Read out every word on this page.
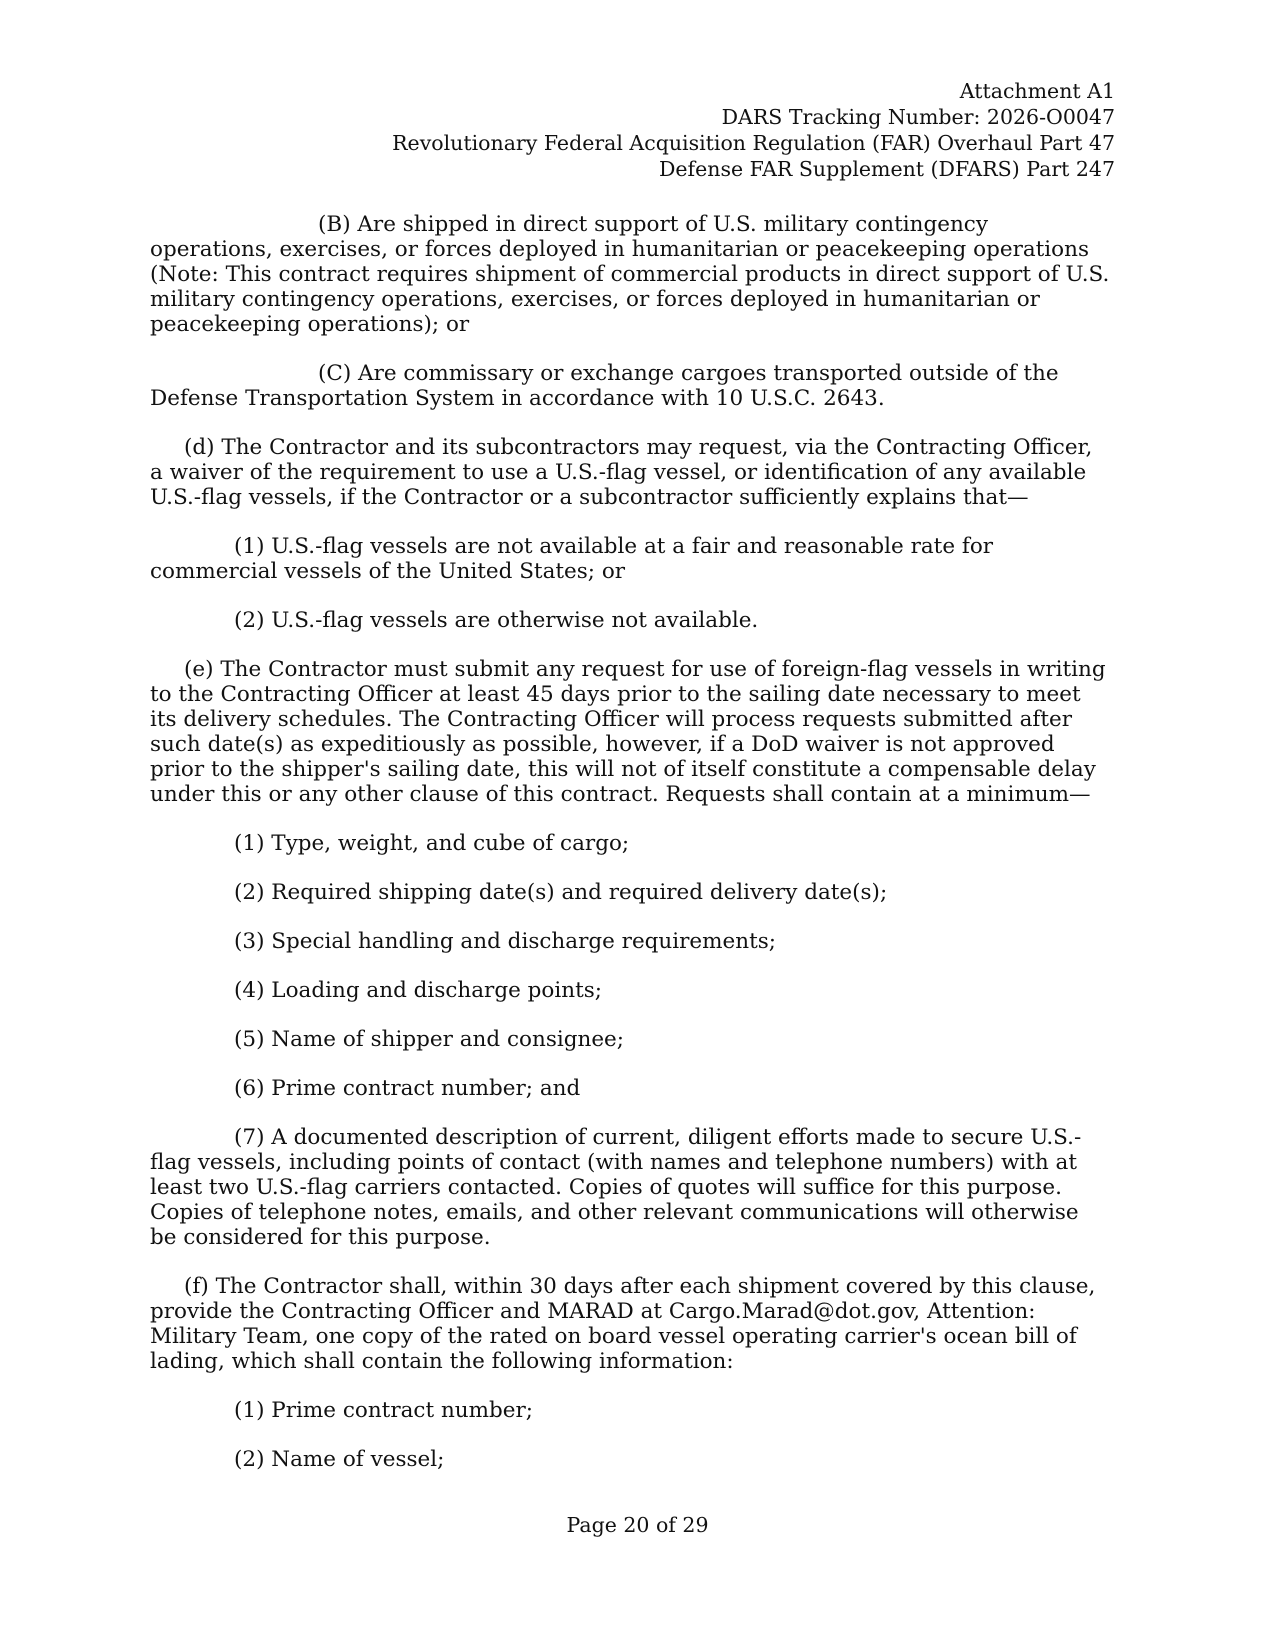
Attachment A1
DARS Tracking Number: 2026-O0047
Revolutionary Federal Acquisition Regulation (FAR) Overhaul Part 47
Defense FAR Supplement (DFARS) Part 247

(B) Are shipped in direct support of U.S. military contingency operations, exercises, or forces deployed in humanitarian or peacekeeping operations (Note: This contract requires shipment of commercial products in direct support of U.S. military contingency operations, exercises, or forces deployed in humanitarian or peacekeeping operations); or

(C) Are commissary or exchange cargoes transported outside of the Defense Transportation System in accordance with 10 U.S.C. 2643.

(d) The Contractor and its subcontractors may request, via the Contracting Officer, a waiver of the requirement to use a U.S.-flag vessel, or identification of any available U.S.-flag vessels, if the Contractor or a subcontractor sufficiently explains that—

(1) U.S.-flag vessels are not available at a fair and reasonable rate for commercial vessels of the United States; or

(2) U.S.-flag vessels are otherwise not available.

(e) The Contractor must submit any request for use of foreign-flag vessels in writing to the Contracting Officer at least 45 days prior to the sailing date necessary to meet its delivery schedules. The Contracting Officer will process requests submitted after such date(s) as expeditiously as possible, however, if a DoD waiver is not approved prior to the shipper's sailing date, this will not of itself constitute a compensable delay under this or any other clause of this contract. Requests shall contain at a minimum—

(1) Type, weight, and cube of cargo;

(2) Required shipping date(s) and required delivery date(s);

(3) Special handling and discharge requirements;

(4) Loading and discharge points;

(5) Name of shipper and consignee;

(6) Prime contract number; and

(7) A documented description of current, diligent efforts made to secure U.S.-flag vessels, including points of contact (with names and telephone numbers) with at least two U.S.-flag carriers contacted. Copies of quotes will suffice for this purpose. Copies of telephone notes, emails, and other relevant communications will otherwise be considered for this purpose.

(f) The Contractor shall, within 30 days after each shipment covered by this clause, provide the Contracting Officer and MARAD at Cargo.Marad@dot.gov, Attention: Military Team, one copy of the rated on board vessel operating carrier's ocean bill of lading, which shall contain the following information:

(1) Prime contract number;

(2) Name of vessel;

Page 20 of 29
